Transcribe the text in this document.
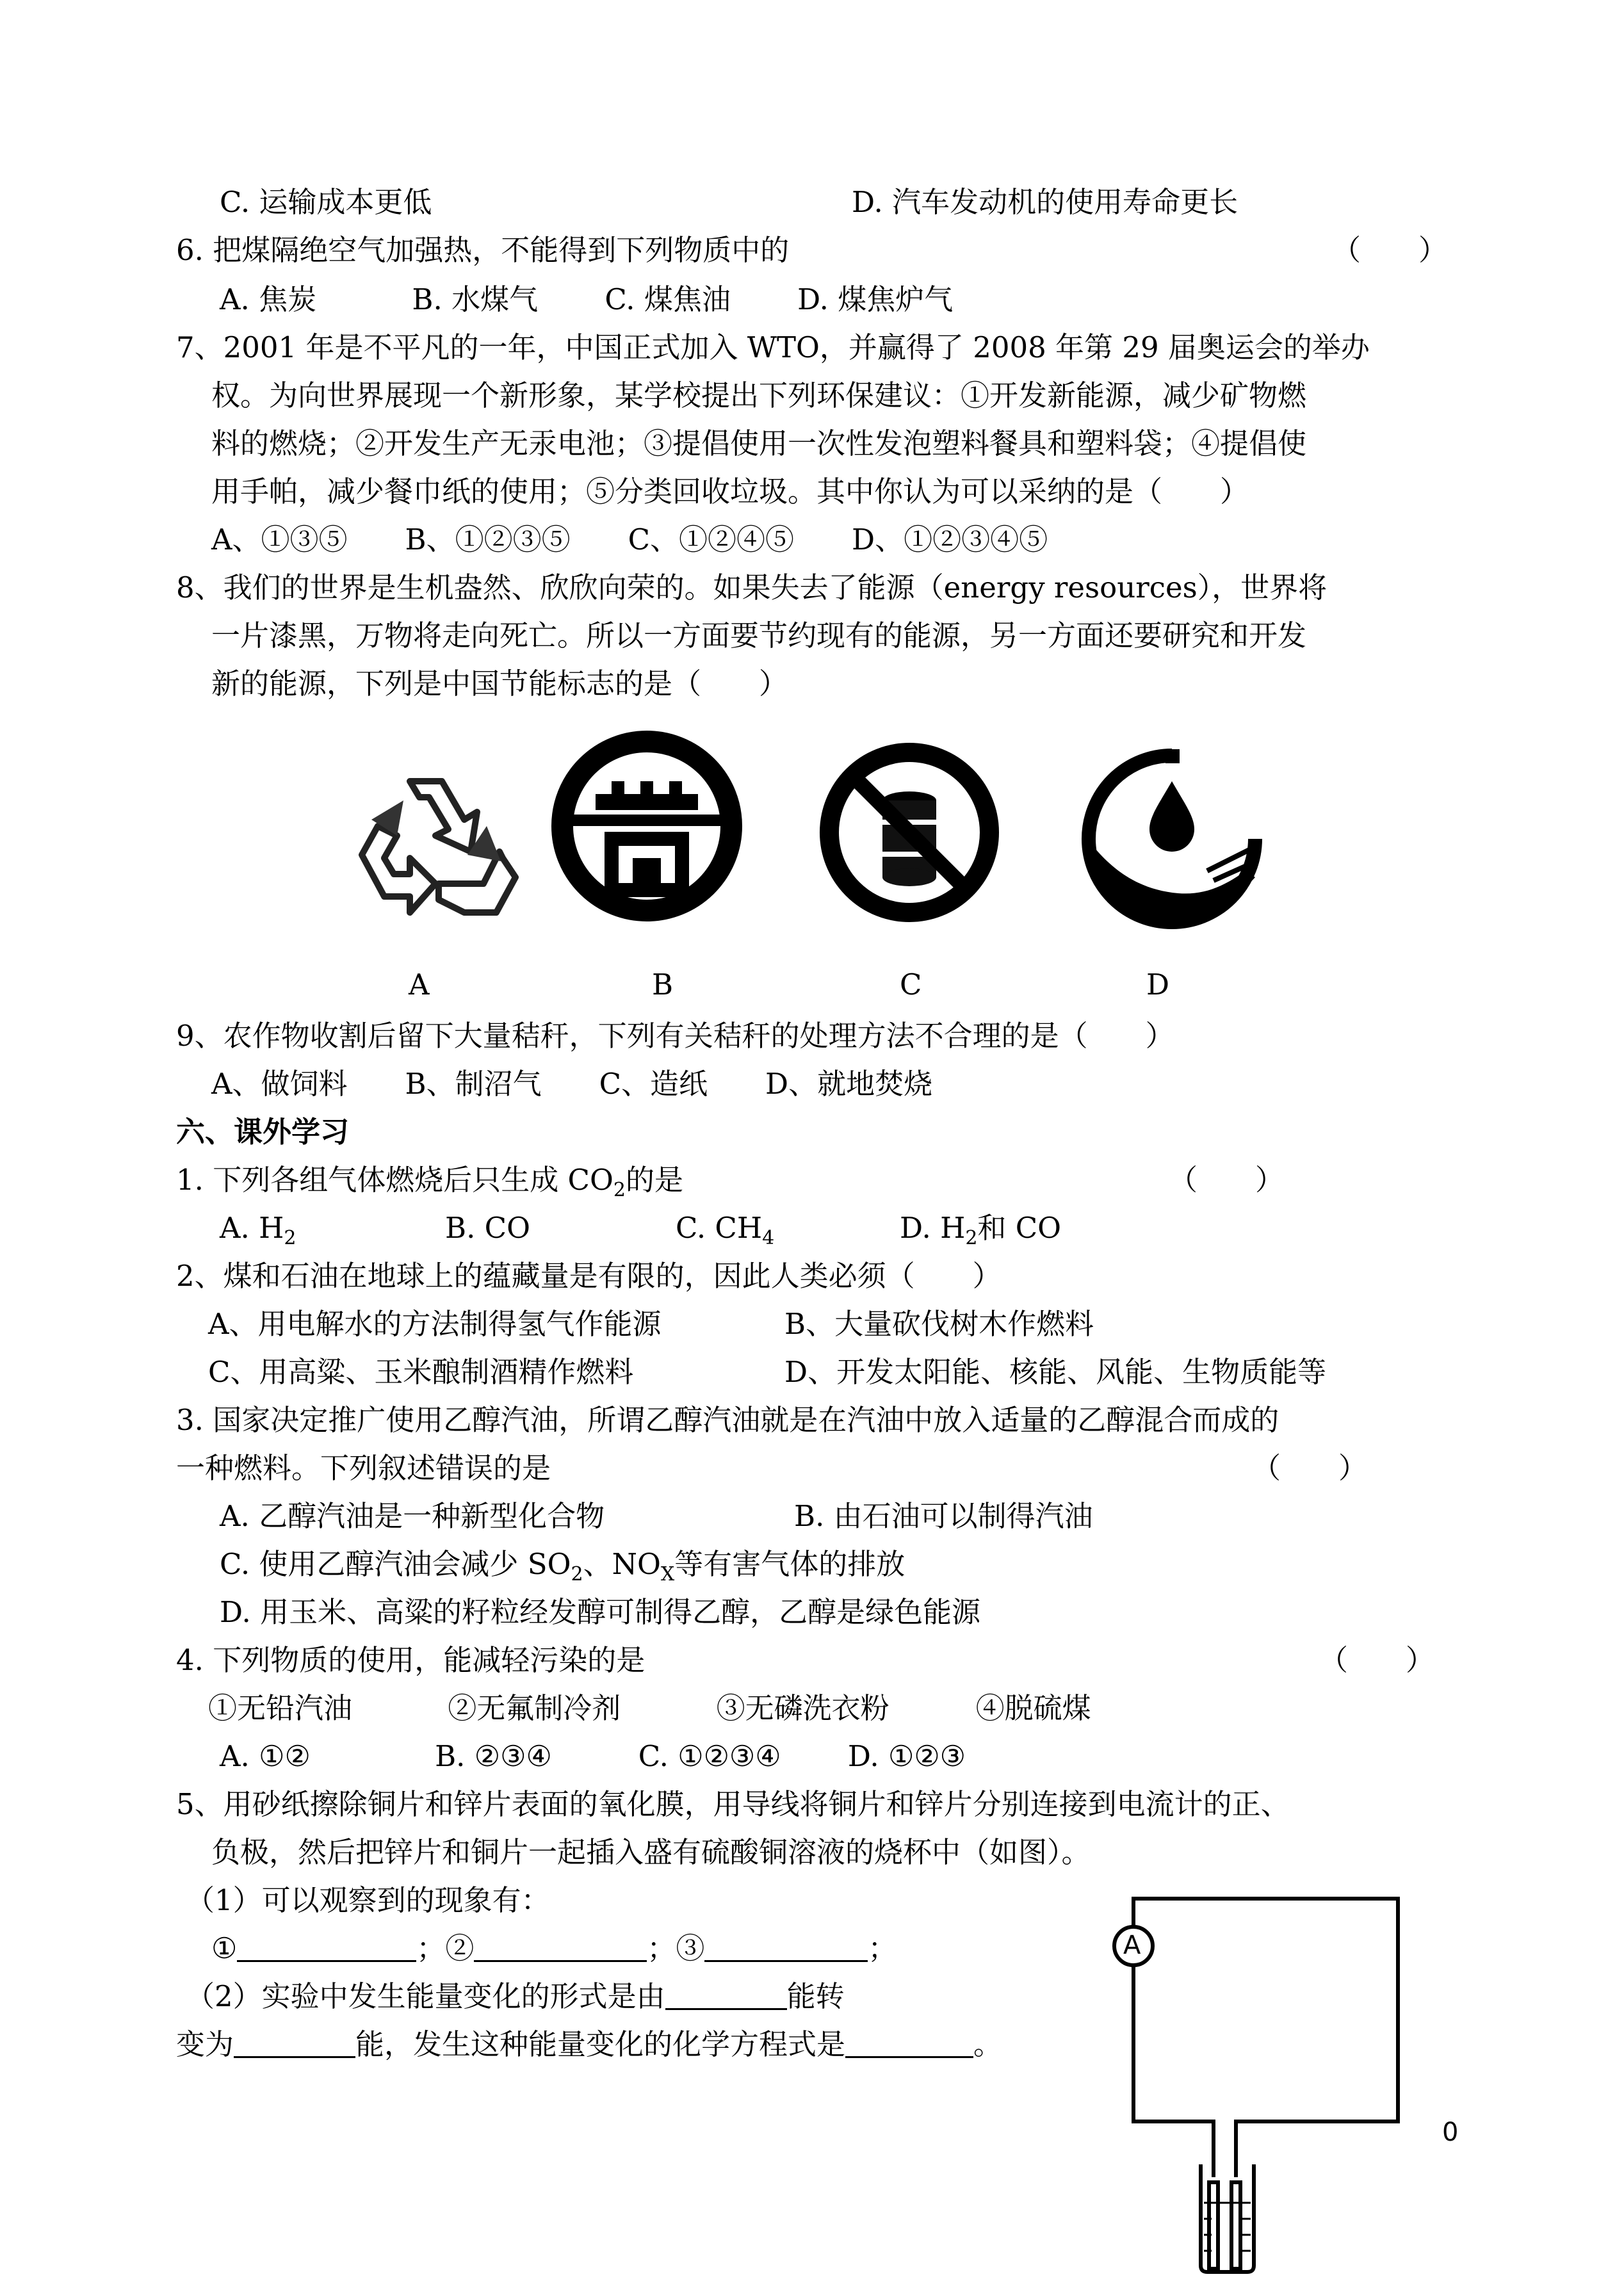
C. 运输成本更低	D. 汽车发动机的使用寿命更长
6. 把煤隔绝空气加强热，不能得到下列物质中的	（　　）
A. 焦炭　　　 B. 水煤气　　 C. 煤焦油　　 D. 煤焦炉气
7、2001 年是不平凡的一年，中国正式加入 WTO，并赢得了 2008 年第 29 届奥运会的举办
权。为向世界展现一个新形象，某学校提出下列环保建议：①开发新能源，减少矿物燃
料的燃烧；②开发生产无汞电池；③提倡使用一次性发泡塑料餐具和塑料袋；④提倡使
用手帕，减少餐巾纸的使用；⑤分类回收垃圾。其中你认为可以采纳的是（　　）
A、①③⑤　　B、①②③⑤　　C、①②④⑤　　D、①②③④⑤
8、我们的世界是生机盎然、欣欣向荣的。如果失去了能源（energy resources），世界将
一片漆黑，万物将走向死亡。所以一方面要节约现有的能源，另一方面还要研究和开发
新的能源，下列是中国节能标志的是（　　）
A	B	C	D
9、农作物收割后留下大量秸秆，下列有关秸秆的处理方法不合理的是（　　）
A、做饲料　　B、制沼气　　C、造纸　　D、就地焚烧
六、课外学习
1. 下列各组气体燃烧后只生成 $CO_2$的是	（　　）
A. $H_2$	B. CO	C. $CH_4$	D. $H_2$和 CO
2、煤和石油在地球上的蕴藏量是有限的，因此人类必须（　　）
A、用电解水的方法制得氢气作能源	B、大量砍伐树木作燃料
C、用高粱、玉米酿制酒精作燃料	D、开发太阳能、核能、风能、生物质能等
3. 国家决定推广使用乙醇汽油，所谓乙醇汽油就是在汽油中放入适量的乙醇混合而成的
一种燃料。下列叙述错误的是	（　　）
A. 乙醇汽油是一种新型化合物	B. 由石油可以制得汽油
C. 使用乙醇汽油会减少 $SO_2$、$NO_X$等有害气体的排放
D. 用玉米、高粱的籽粒经发醇可制得乙醇，乙醇是绿色能源
4. 下列物质的使用，能减轻污染的是	（　　）
①无铅汽油　　　 ②无氟制冷剂　　　 ③无磷洗衣粉　　　④脱硫煤
A. ①②　　　　 B. ②③④　　　C. ①②③④　　 D. ①②③
5、用砂纸擦除铜片和锌片表面的氧化膜，用导线将铜片和锌片分别连接到电流计的正、
负极，然后把锌片和铜片一起插入盛有硫酸铜溶液的烧杯中（如图）。
（1）可以观察到的现象有：
①	；②	；③	；
（2）实验中发生能量变化的形式是由	能转
变为	能，发生这种能量变化的化学方程式是	。
A
0
